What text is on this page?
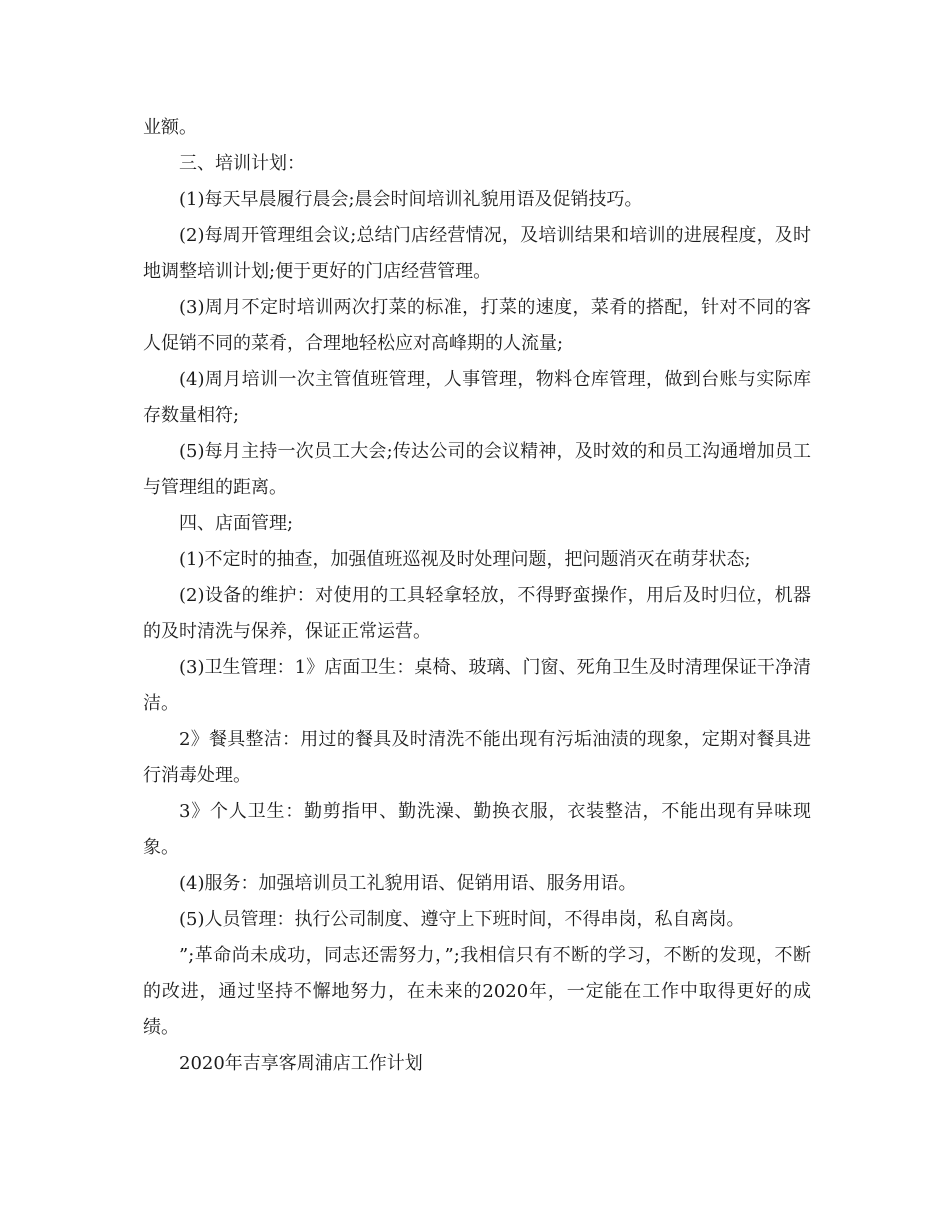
业额。

三、培训计划：

(1)每天早晨履行晨会;晨会时间培训礼貌用语及促销技巧。

(2)每周开管理组会议;总结门店经营情况，及培训结果和培训的进展程度，及时地调整培训计划;便于更好的门店经营管理。

(3)周月不定时培训两次打菜的标准，打菜的速度，菜肴的搭配，针对不同的客人促销不同的菜肴，合理地轻松应对高峰期的人流量;

(4)周月培训一次主管值班管理，人事管理，物料仓库管理，做到台账与实际库存数量相符;

(5)每月主持一次员工大会;传达公司的会议精神，及时效的和员工沟通增加员工与管理组的距离。

四、店面管理;

(1)不定时的抽查，加强值班巡视及时处理问题，把问题消灭在萌芽状态;

(2)设备的维护：对使用的工具轻拿轻放，不得野蛮操作，用后及时归位，机器的及时清洗与保养，保证正常运营。

(3)卫生管理：1》店面卫生：桌椅、玻璃、门窗、死角卫生及时清理保证干净清洁。

2》餐具整洁：用过的餐具及时清洗不能出现有污垢油渍的现象，定期对餐具进行消毒处理。

3》个人卫生：勤剪指甲、勤洗澡、勤换衣服，衣装整洁，不能出现有异味现象。

(4)服务：加强培训员工礼貌用语、促销用语、服务用语。

(5)人员管理：执行公司制度、遵守上下班时间，不得串岗，私自离岗。

”;革命尚未成功，同志还需努力，”;我相信只有不断的学习，不断的发现，不断的改进，通过坚持不懈地努力，在未来的2020年，一定能在工作中取得更好的成绩。

2020年吉享客周浦店工作计划
